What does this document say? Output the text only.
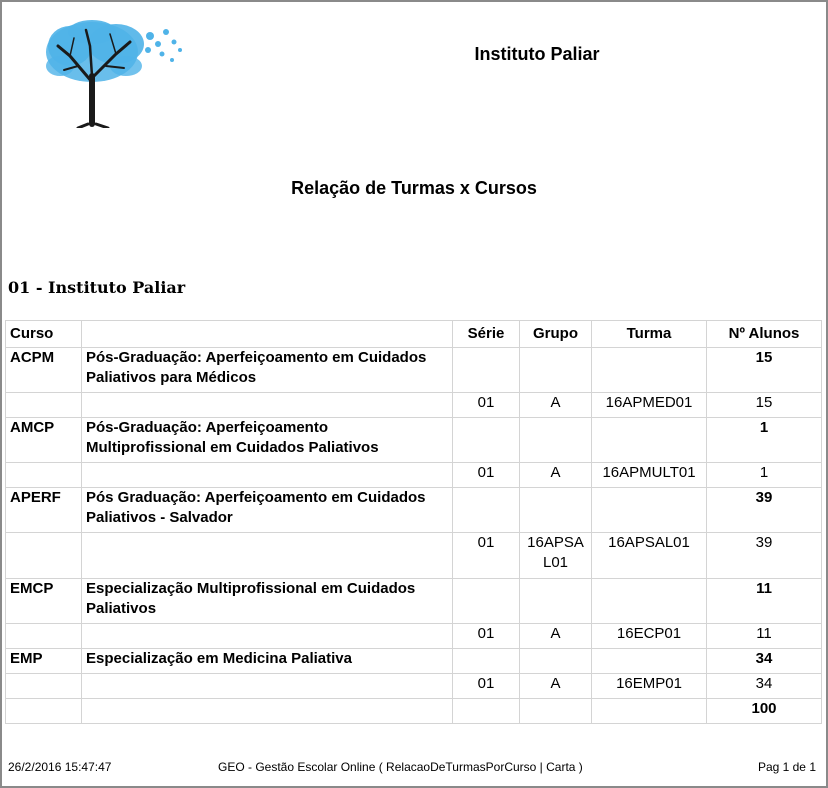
Instituto Paliar
Relação de Turmas x Cursos
01 - Instituto Paliar
Curso		Série	Grupo	Turma	Nº Alunos
ACPM	Pós-Graduação: Aperfeiçoamento em Cuidados Paliativos para Médicos				15
		01	A	16APMED01	15
AMCP	Pós-Graduação: Aperfeiçoamento Multiprofissional em Cuidados Paliativos				1
		01	A	16APMULT01	1
APERF	Pós Graduação: Aperfeiçoamento em Cuidados Paliativos - Salvador				39
		01	16APSAL01	16APSAL01	39
EMCP	Especialização Multiprofissional em Cuidados Paliativos				11
		01	A	16ECP01	11
EMP	Especialização em Medicina Paliativa				34
		01	A	16EMP01	34
					100
26/2/2016 15:47:47	GEO - Gestão Escolar Online ( RelacaoDeTurmasPorCurso | Carta )	Pag 1 de 1
